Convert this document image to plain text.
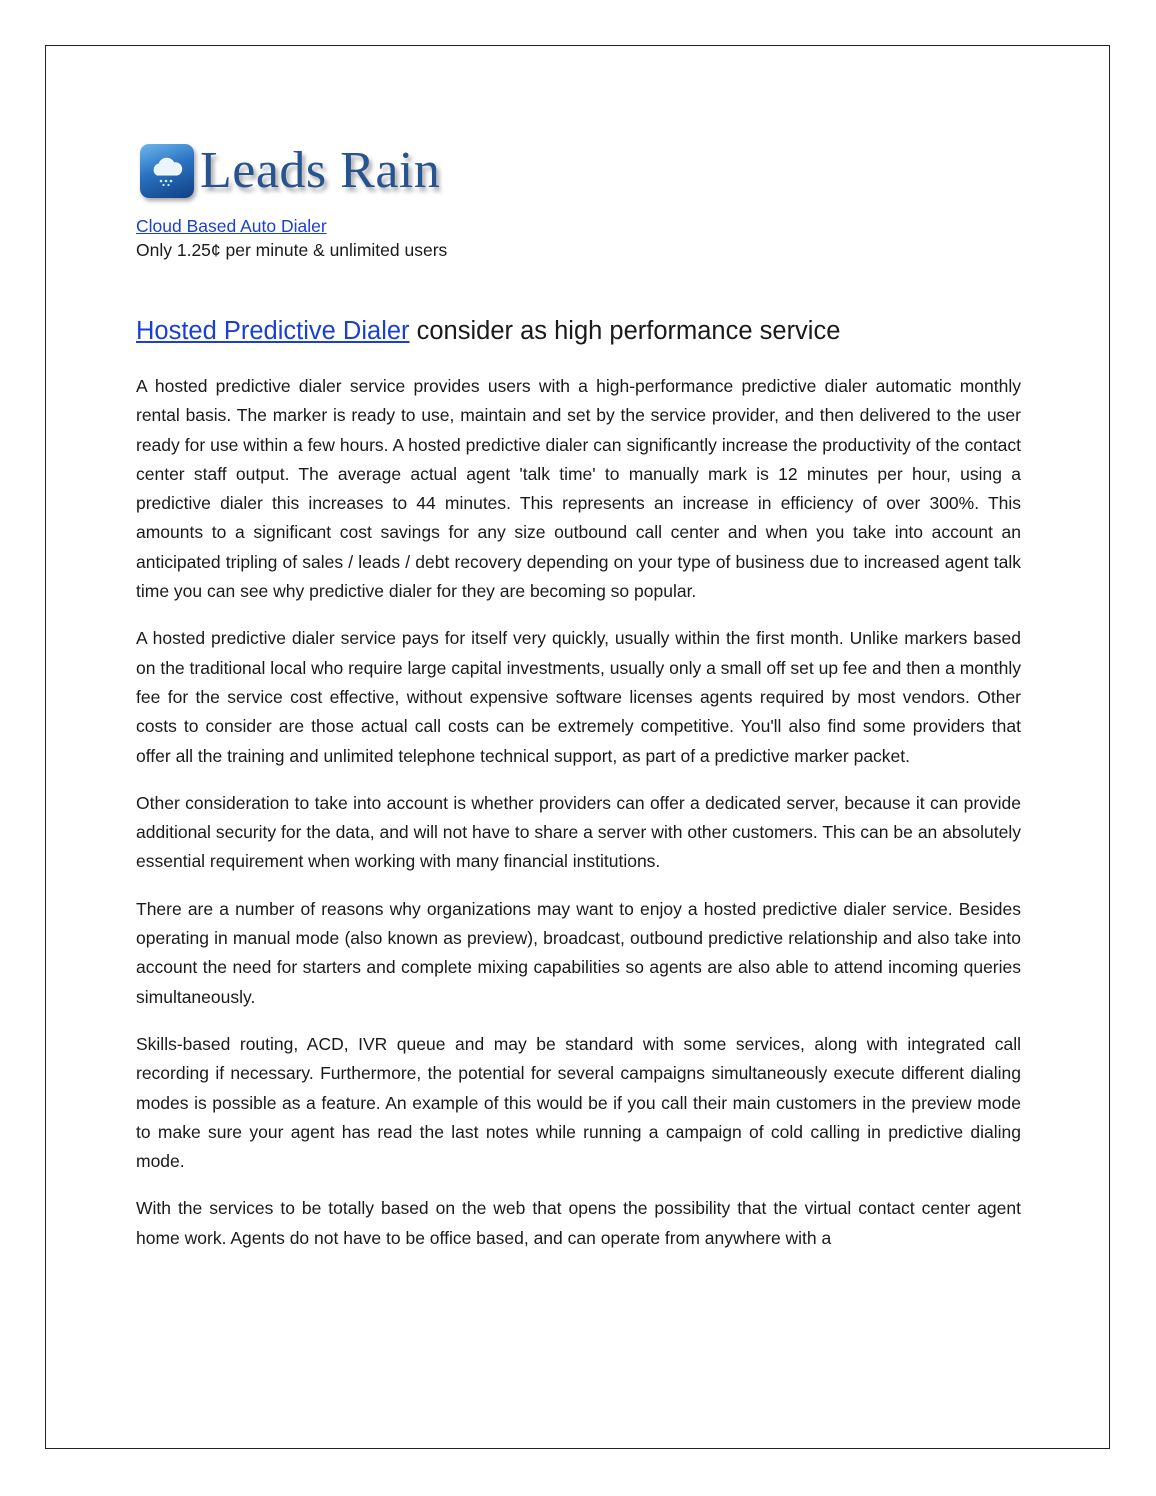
Leads Rain
Cloud Based Auto Dialer
Only 1.25¢ per minute & unlimited users
Hosted Predictive Dialer consider as high performance service

A hosted predictive dialer service provides users with a high-performance predictive dialer automatic monthly rental basis. The marker is ready to use, maintain and set by the service provider, and then delivered to the user ready for use within a few hours. A hosted predictive dialer can significantly increase the productivity of the contact center staff output. The average actual agent 'talk time' to manually mark is 12 minutes per hour, using a predictive dialer this increases to 44 minutes. This represents an increase in efficiency of over 300%. This amounts to a significant cost savings for any size outbound call center and when you take into account an anticipated tripling of sales / leads / debt recovery depending on your type of business due to increased agent talk time you can see why predictive dialer for they are becoming so popular.

A hosted predictive dialer service pays for itself very quickly, usually within the first month. Unlike markers based on the traditional local who require large capital investments, usually only a small off set up fee and then a monthly fee for the service cost effective, without expensive software licenses agents required by most vendors. Other costs to consider are those actual call costs can be extremely competitive. You'll also find some providers that offer all the training and unlimited telephone technical support, as part of a predictive marker packet.

Other consideration to take into account is whether providers can offer a dedicated server, because it can provide additional security for the data, and will not have to share a server with other customers. This can be an absolutely essential requirement when working with many financial institutions.

There are a number of reasons why organizations may want to enjoy a hosted predictive dialer service. Besides operating in manual mode (also known as preview), broadcast, outbound predictive relationship and also take into account the need for starters and complete mixing capabilities so agents are also able to attend incoming queries simultaneously.

Skills-based routing, ACD, IVR queue and may be standard with some services, along with integrated call recording if necessary. Furthermore, the potential for several campaigns simultaneously execute different dialing modes is possible as a feature. An example of this would be if you call their main customers in the preview mode to make sure your agent has read the last notes while running a campaign of cold calling in predictive dialing mode.

With the services to be totally based on the web that opens the possibility that the virtual contact center agent home work. Agents do not have to be office based, and can operate from anywhere with a
